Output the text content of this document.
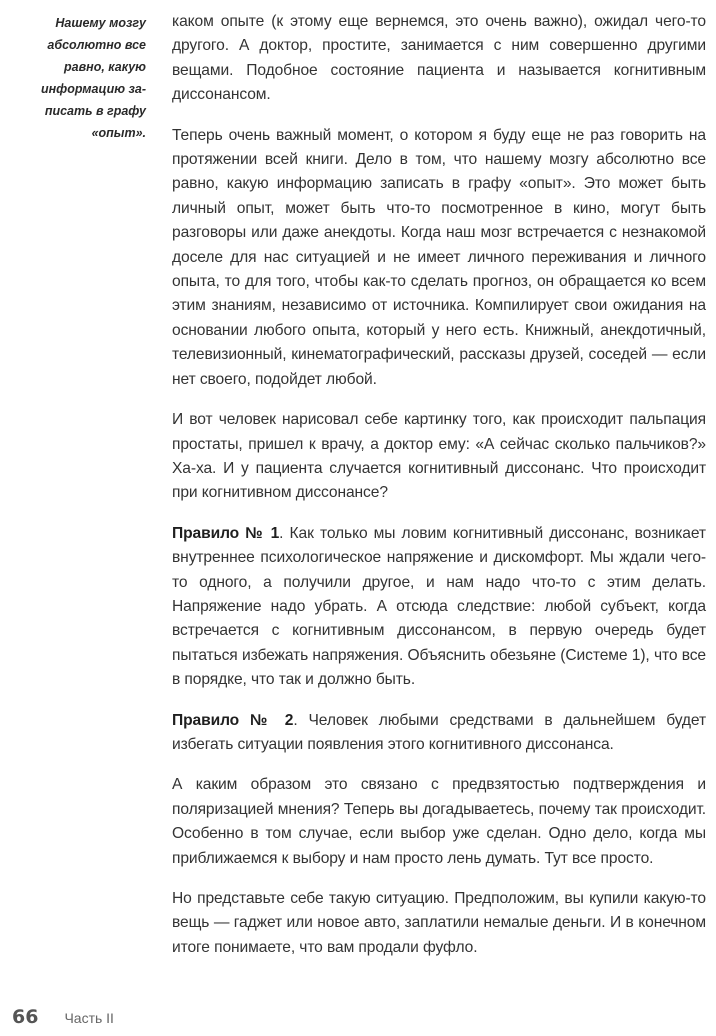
Нашему мозгу абсолютно все равно, какую информацию записать в графу «опыт».

каком опыте (к этому еще вернемся, это очень важно), ожидал чего-то другого. А доктор, простите, занимается с ним совершенно другими вещами. Подобное состояние пациента и называется когнитивным диссонансом.

Теперь очень важный момент, о котором я буду еще не раз говорить на протяжении всей книги. Дело в том, что нашему мозгу абсолютно все равно, какую информацию записать в графу «опыт». Это может быть личный опыт, может быть что-то посмотренное в кино, могут быть разговоры или даже анекдоты. Когда наш мозг встречается с незнакомой доселе для нас ситуацией и не имеет личного переживания и личного опыта, то для того, чтобы как-то сделать прогноз, он обращается ко всем этим знаниям, независимо от источника. Компилирует свои ожидания на основании любого опыта, который у него есть. Книжный, анекдотичный, телевизионный, кинематографический, рассказы друзей, соседей — если нет своего, подойдет любой.

И вот человек нарисовал себе картинку того, как происходит пальпация простаты, пришел к врачу, а доктор ему: «А сейчас сколько пальчиков?» Ха-ха. И у пациента случается когнитивный диссонанс. Что происходит при когнитивном диссонансе?

Правило № 1. Как только мы ловим когнитивный диссонанс, возникает внутреннее психологическое напряжение и дискомфорт. Мы ждали чего-то одного, а получили другое, и нам надо что-то с этим делать. Напряжение надо убрать. А отсюда следствие: любой субъект, когда встречается с когнитивным диссонансом, в первую очередь будет пытаться избежать напряжения. Объяснить обезьяне (Системе 1), что все в порядке, что так и должно быть.

Правило № 2. Человек любыми средствами в дальнейшем будет избегать ситуации появления этого когнитивного диссонанса.

А каким образом это связано с предвзятостью подтверждения и поляризацией мнения? Теперь вы догадываетесь, почему так происходит. Особенно в том случае, если выбор уже сделан. Одно дело, когда мы приближаемся к выбору и нам просто лень думать. Тут все просто.

Но представьте себе такую ситуацию. Предположим, вы купили какую-то вещь — гаджет или новое авто, заплатили немалые деньги. И в конечном итоге понимаете, что вам продали фуфло.

66 Часть II
